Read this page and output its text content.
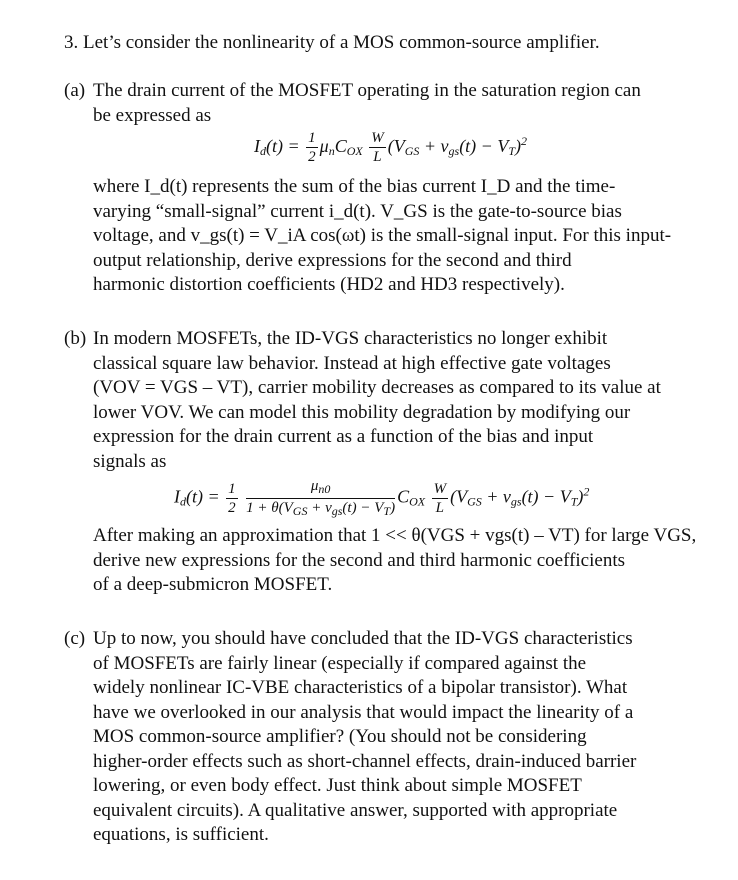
3. Let’s consider the nonlinearity of a MOS common-source amplifier.
(a) The drain current of the MOSFET operating in the saturation region can
be expressed as
$I_d(t) = \frac{1}{2} \mu_nC_{OX} \frac{W}{L} (V_{GS} + v_{gs}(t) - V_T)^2$
where I_d(t) represents the sum of the bias current I_D and the time-
varying “small-signal” current i_d(t). V_GS is the gate-to-source bias
voltage, and v_gs(t) = V_iA cos(ωt) is the small-signal input. For this input-
output relationship, derive expressions for the second and third
harmonic distortion coefficients (HD2 and HD3 respectively).
(b) In modern MOSFETs, the ID-VGS characteristics no longer exhibit
classical square law behavior. Instead at high effective gate voltages
(VOV = VGS – VT), carrier mobility decreases as compared to its value at
lower VOV. We can model this mobility degradation by modifying our
expression for the drain current as a function of the bias and input
signals as
$I_d(t) = \frac{1}{2}$
$\frac{\mu_{n0}}{1 + \theta(V_{GS} + v_{gs}(t) - V_T)} C_{OX} \frac{W}{L} (V_{GS} + v_{gs}(t) - V_T)^2$
After making an approximation that 1 << θ(VGS + vgs(t) – VT) for large VGS,
derive new expressions for the second and third harmonic coefficients
of a deep-submicron MOSFET.
(c) Up to now, you should have concluded that the ID-VGS characteristics
of MOSFETs are fairly linear (especially if compared against the
widely nonlinear IC-VBE characteristics of a bipolar transistor). What
have we overlooked in our analysis that would impact the linearity of a
MOS common-source amplifier? (You should not be considering
higher-order effects such as short-channel effects, drain-induced barrier
lowering, or even body effect. Just think about simple MOSFET
equivalent circuits). A qualitative answer, supported with appropriate
equations, is sufficient.
